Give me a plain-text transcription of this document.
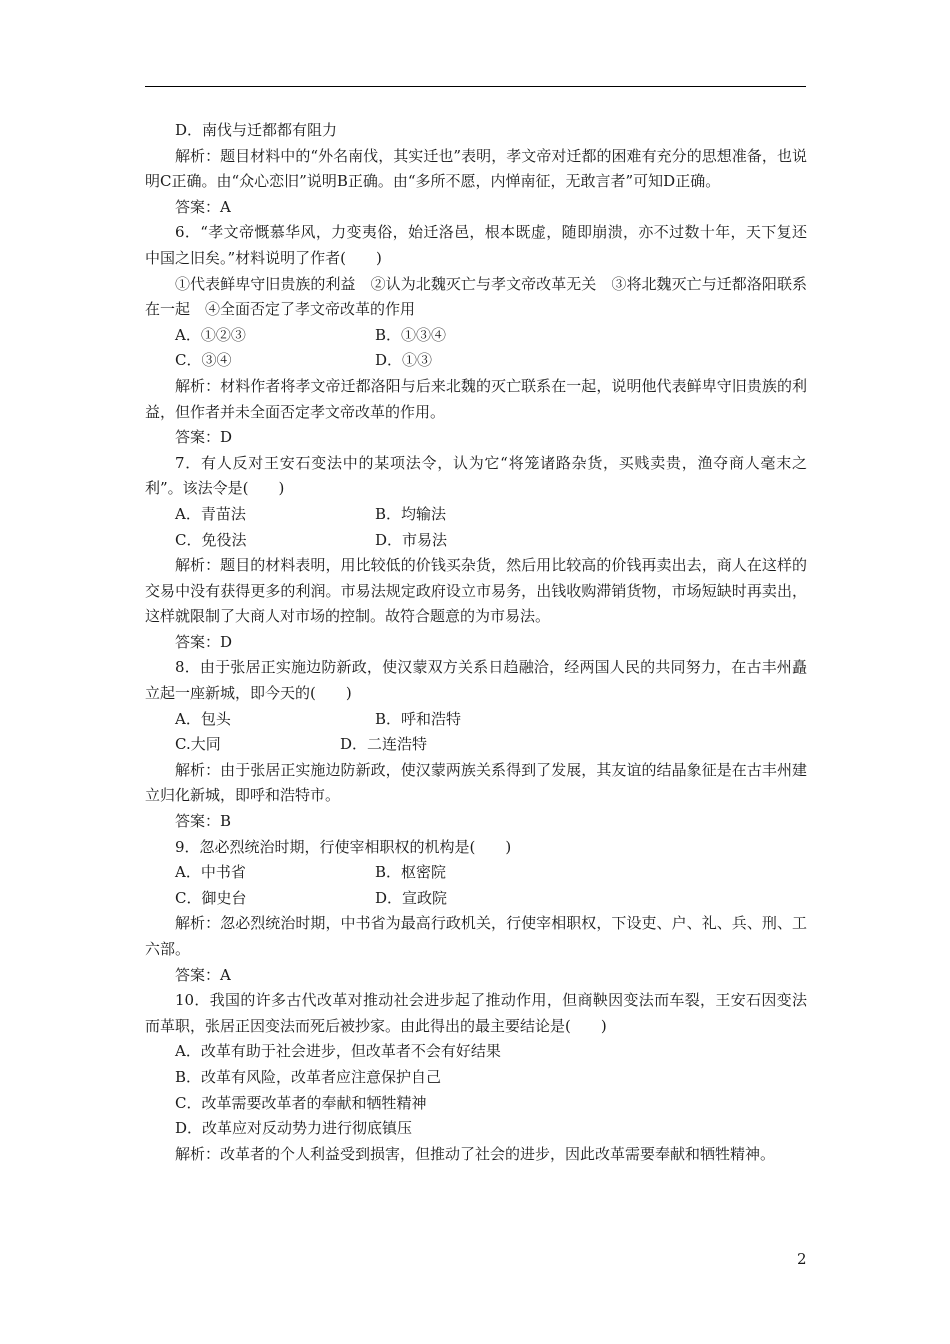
D．南伐与迁都都有阻力

解析：题目材料中的“外名南伐，其实迁也”表明，孝文帝对迁都的困难有充分的思想准备，也说明C正确。由“众心恋旧”说明B正确。由“多所不愿，内惮南征，无敢言者”可知D正确。

答案：A

6．“孝文帝慨慕华风，力变夷俗，始迁洛邑，根本既虚，随即崩溃，亦不过数十年，天下复还中国之旧矣。”材料说明了作者(　　)

①代表鲜卑守旧贵族的利益　②认为北魏灭亡与孝文帝改革无关　③将北魏灭亡与迁都洛阳联系在一起　④全面否定了孝文帝改革的作用

A．①②③	B．①③④
C．③④	D．①③

解析：材料作者将孝文帝迁都洛阳与后来北魏的灭亡联系在一起，说明他代表鲜卑守旧贵族的利益，但作者并未全面否定孝文帝改革的作用。

答案：D

7．有人反对王安石变法中的某项法令，认为它“将笼诸路杂货，买贱卖贵，渔夺商人毫末之利”。该法令是(　　)

A．青苗法	B．均输法
C．免役法	D．市易法

解析：题目的材料表明，用比较低的价钱买杂货，然后用比较高的价钱再卖出去，商人在这样的交易中没有获得更多的利润。市易法规定政府设立市易务，出钱收购滞销货物，市场短缺时再卖出，这样就限制了大商人对市场的控制。故符合题意的为市易法。

答案：D

8．由于张居正实施边防新政，使汉蒙双方关系日趋融洽，经两国人民的共同努力，在古丰州矗立起一座新城，即今天的(　　)

A．包头	B．呼和浩特
C.大同	D．二连浩特

解析：由于张居正实施边防新政，使汉蒙两族关系得到了发展，其友谊的结晶象征是在古丰州建立归化新城，即呼和浩特市。

答案：B

9．忽必烈统治时期，行使宰相职权的机构是(　　)

A．中书省	B．枢密院
C．御史台	D．宣政院

解析：忽必烈统治时期，中书省为最高行政机关，行使宰相职权，下设吏、户、礼、兵、刑、工六部。

答案：A

10．我国的许多古代改革对推动社会进步起了推动作用，但商鞅因变法而车裂，王安石因变法而革职，张居正因变法而死后被抄家。由此得出的最主要结论是(　　)

A．改革有助于社会进步，但改革者不会有好结果

B．改革有风险，改革者应注意保护自己

C．改革需要改革者的奉献和牺牲精神

D．改革应对反动势力进行彻底镇压

解析：改革者的个人利益受到损害，但推动了社会的进步，因此改革需要奉献和牺牲精神。

2
